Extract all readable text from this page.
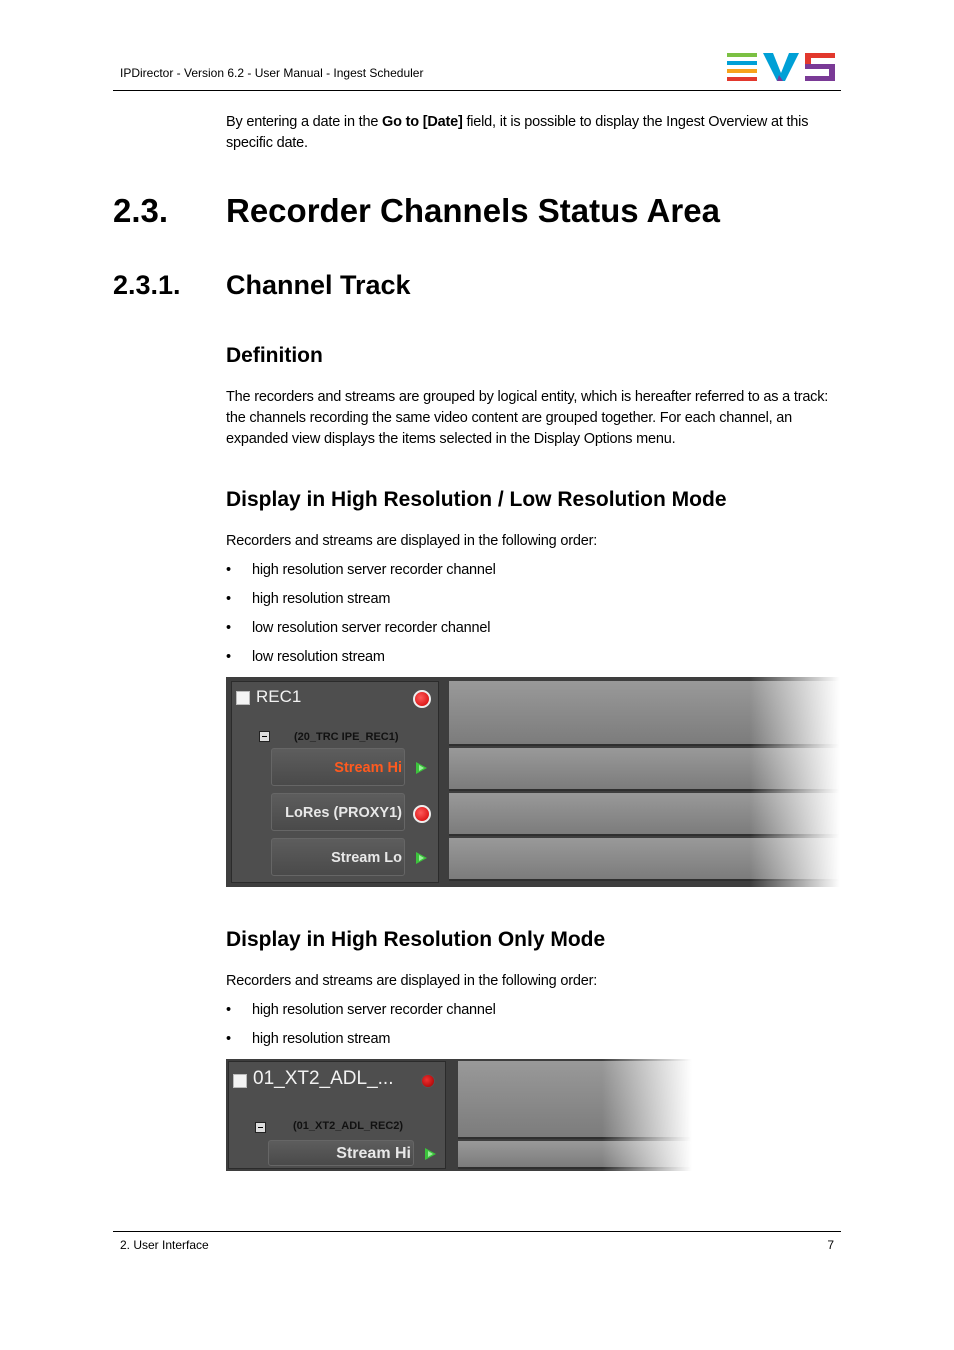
IPDirector - Version 6.2 - User Manual - Ingest Scheduler
By entering a date in the Go to [Date] field, it is possible to display the Ingest Overview at this specific date.
2.3. Recorder Channels Status Area
2.3.1. Channel Track
Definition
The recorders and streams are grouped by logical entity, which is hereafter referred to as a track: the channels recording the same video content are grouped together. For each channel, an expanded view displays the items selected in the Display Options menu.
Display in High Resolution / Low Resolution Mode
Recorders and streams are displayed in the following order:
• high resolution server recorder channel
• high resolution stream
• low resolution server recorder channel
• low resolution stream
REC1
(20_TRC IPE_REC1)
Stream Hi
LoRes (PROXY1)
Stream Lo
Display in High Resolution Only Mode
Recorders and streams are displayed in the following order:
• high resolution server recorder channel
• high resolution stream
01_XT2_ADL_...
(01_XT2_ADL_REC2)
Stream Hi
2. User Interface	7
